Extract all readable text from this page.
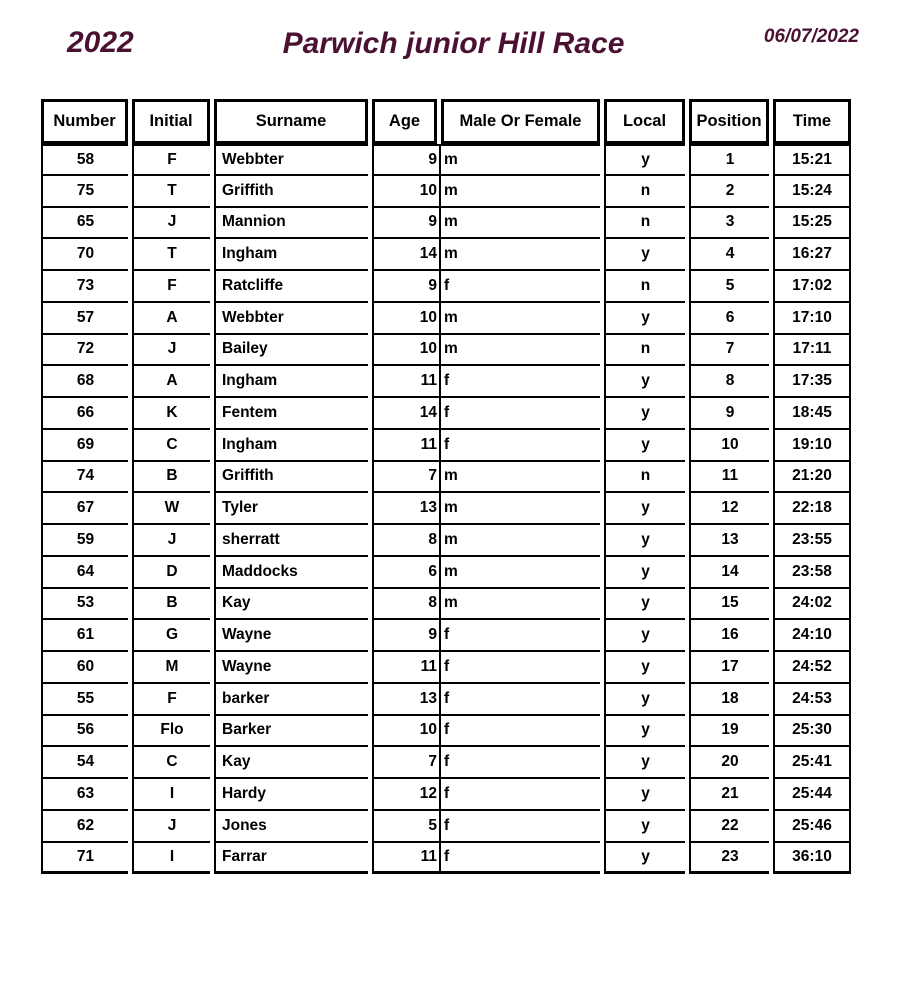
2022	Parwich junior Hill Race	06/07/2022
Number	Initial	Surname	Age	Male Or Female	Local	Position	Time
58	F	Webbter	9 m	y	1	15:21
75	T	Griffith	10 m	n	2	15:24
65	J	Mannion	9 m	n	3	15:25
70	T	Ingham	14 m	y	4	16:27
73	F	Ratcliffe	9 f	n	5	17:02
57	A	Webbter	10 m	y	6	17:10
72	J	Bailey	10 m	n	7	17:11
68	A	Ingham	11 f	y	8	17:35
66	K	Fentem	14 f	y	9	18:45
69	C	Ingham	11 f	y	10	19:10
74	B	Griffith	7 m	n	11	21:20
67	W	Tyler	13 m	y	12	22:18
59	J	sherratt	8 m	y	13	23:55
64	D	Maddocks	6 m	y	14	23:58
53	B	Kay	8 m	y	15	24:02
61	G	Wayne	9 f	y	16	24:10
60	M	Wayne	11 f	y	17	24:52
55	F	barker	13 f	y	18	24:53
56	Flo	Barker	10 f	y	19	25:30
54	C	Kay	7 f	y	20	25:41
63	I	Hardy	12 f	y	21	25:44
62	J	Jones	5 f	y	22	25:46
71	I	Farrar	11 f	y	23	36:10
